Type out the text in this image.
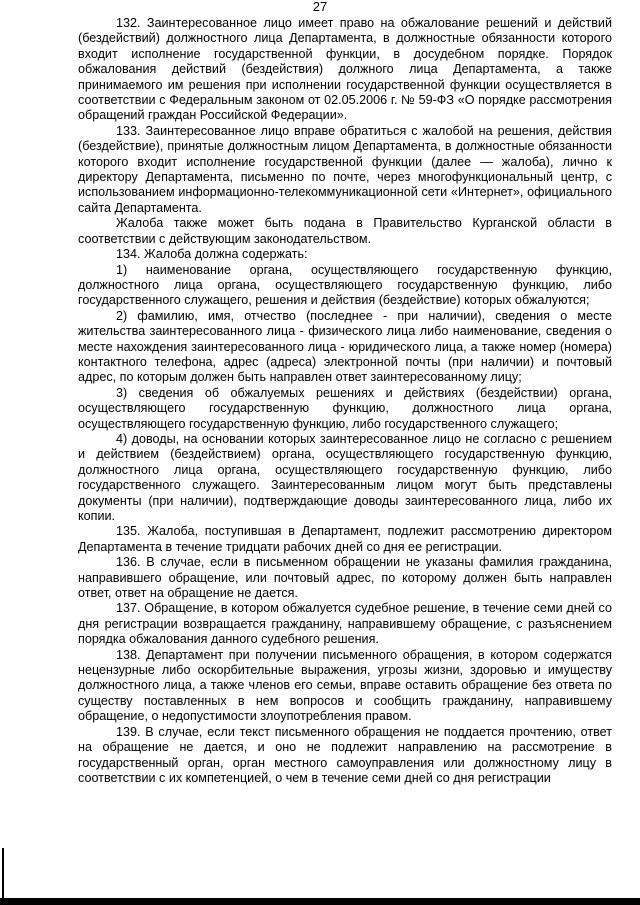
27

132. Заинтересованное лицо имеет право на обжалование решений и действий (бездействий) должностного лица Департамента, в должностные обязанности которого входит исполнение государственной функции, в досудебном порядке. Порядок обжалования действий (бездействия) должного лица Департамента, а также принимаемого им решения при исполнении государственной функции осуществляется в соответствии с Федеральным законом от 02.05.2006 г. № 59-ФЗ «О порядке рассмотрения обращений граждан Российской Федерации».

133. Заинтересованное лицо вправе обратиться с жалобой на решения, действия (бездействие), принятые должностным лицом Департамента, в должностные обязанности которого входит исполнение государственной функции (далее — жалоба), лично к директору Департамента, письменно по почте, через многофункциональный центр, с использованием информационно-телекоммуникационной сети «Интернет», официального сайта Департамента.

Жалоба также может быть подана в Правительство Курганской области в соответствии с действующим законодательством.

134. Жалоба должна содержать:

1) наименование органа, осуществляющего государственную функцию, должностного лица органа, осуществляющего государственную функцию, либо государственного служащего, решения и действия (бездействие) которых обжалуются;

2) фамилию, имя, отчество (последнее - при наличии), сведения о месте жительства заинтересованного лица - физического лица либо наименование, сведения о месте нахождения заинтересованного лица - юридического лица, а также номер (номера) контактного телефона, адрес (адреса) электронной почты (при наличии) и почтовый адрес, по которым должен быть направлен ответ заинтересованному лицу;

3) сведения об обжалуемых решениях и действиях (бездействии) органа, осуществляющего государственную функцию, должностного лица органа, осуществляющего государственную функцию, либо государственного служащего;

4) доводы, на основании которых заинтересованное лицо не согласно с решением и действием (бездействием) органа, осуществляющего государственную функцию, должностного лица органа, осуществляющего государственную функцию, либо государственного служащего. Заинтересованным лицом могут быть представлены документы (при наличии), подтверждающие доводы заинтересованного лица, либо их копии.

135. Жалоба, поступившая в Департамент, подлежит рассмотрению директором Департамента в течение тридцати рабочих дней со дня ее регистрации.

136. В случае, если в письменном обращении не указаны фамилия гражданина, направившего обращение, или почтовый адрес, по которому должен быть направлен ответ, ответ на обращение не дается.

137. Обращение, в котором обжалуется судебное решение, в течение семи дней со дня регистрации возвращается гражданину, направившему обращение, с разъяснением порядка обжалования данного судебного решения.

138. Департамент при получении письменного обращения, в котором содержатся нецензурные либо оскорбительные выражения, угрозы жизни, здоровью и имуществу должностного лица, а также членов его семьи, вправе оставить обращение без ответа по существу поставленных в нем вопросов и сообщить гражданину, направившему обращение, о недопустимости злоупотребления правом.

139. В случае, если текст письменного обращения не поддается прочтению, ответ на обращение не дается, и оно не подлежит направлению на рассмотрение в государственный орган, орган местного самоуправления или должностному лицу в соответствии с их компетенцией, о чем в течение семи дней со дня регистрации
